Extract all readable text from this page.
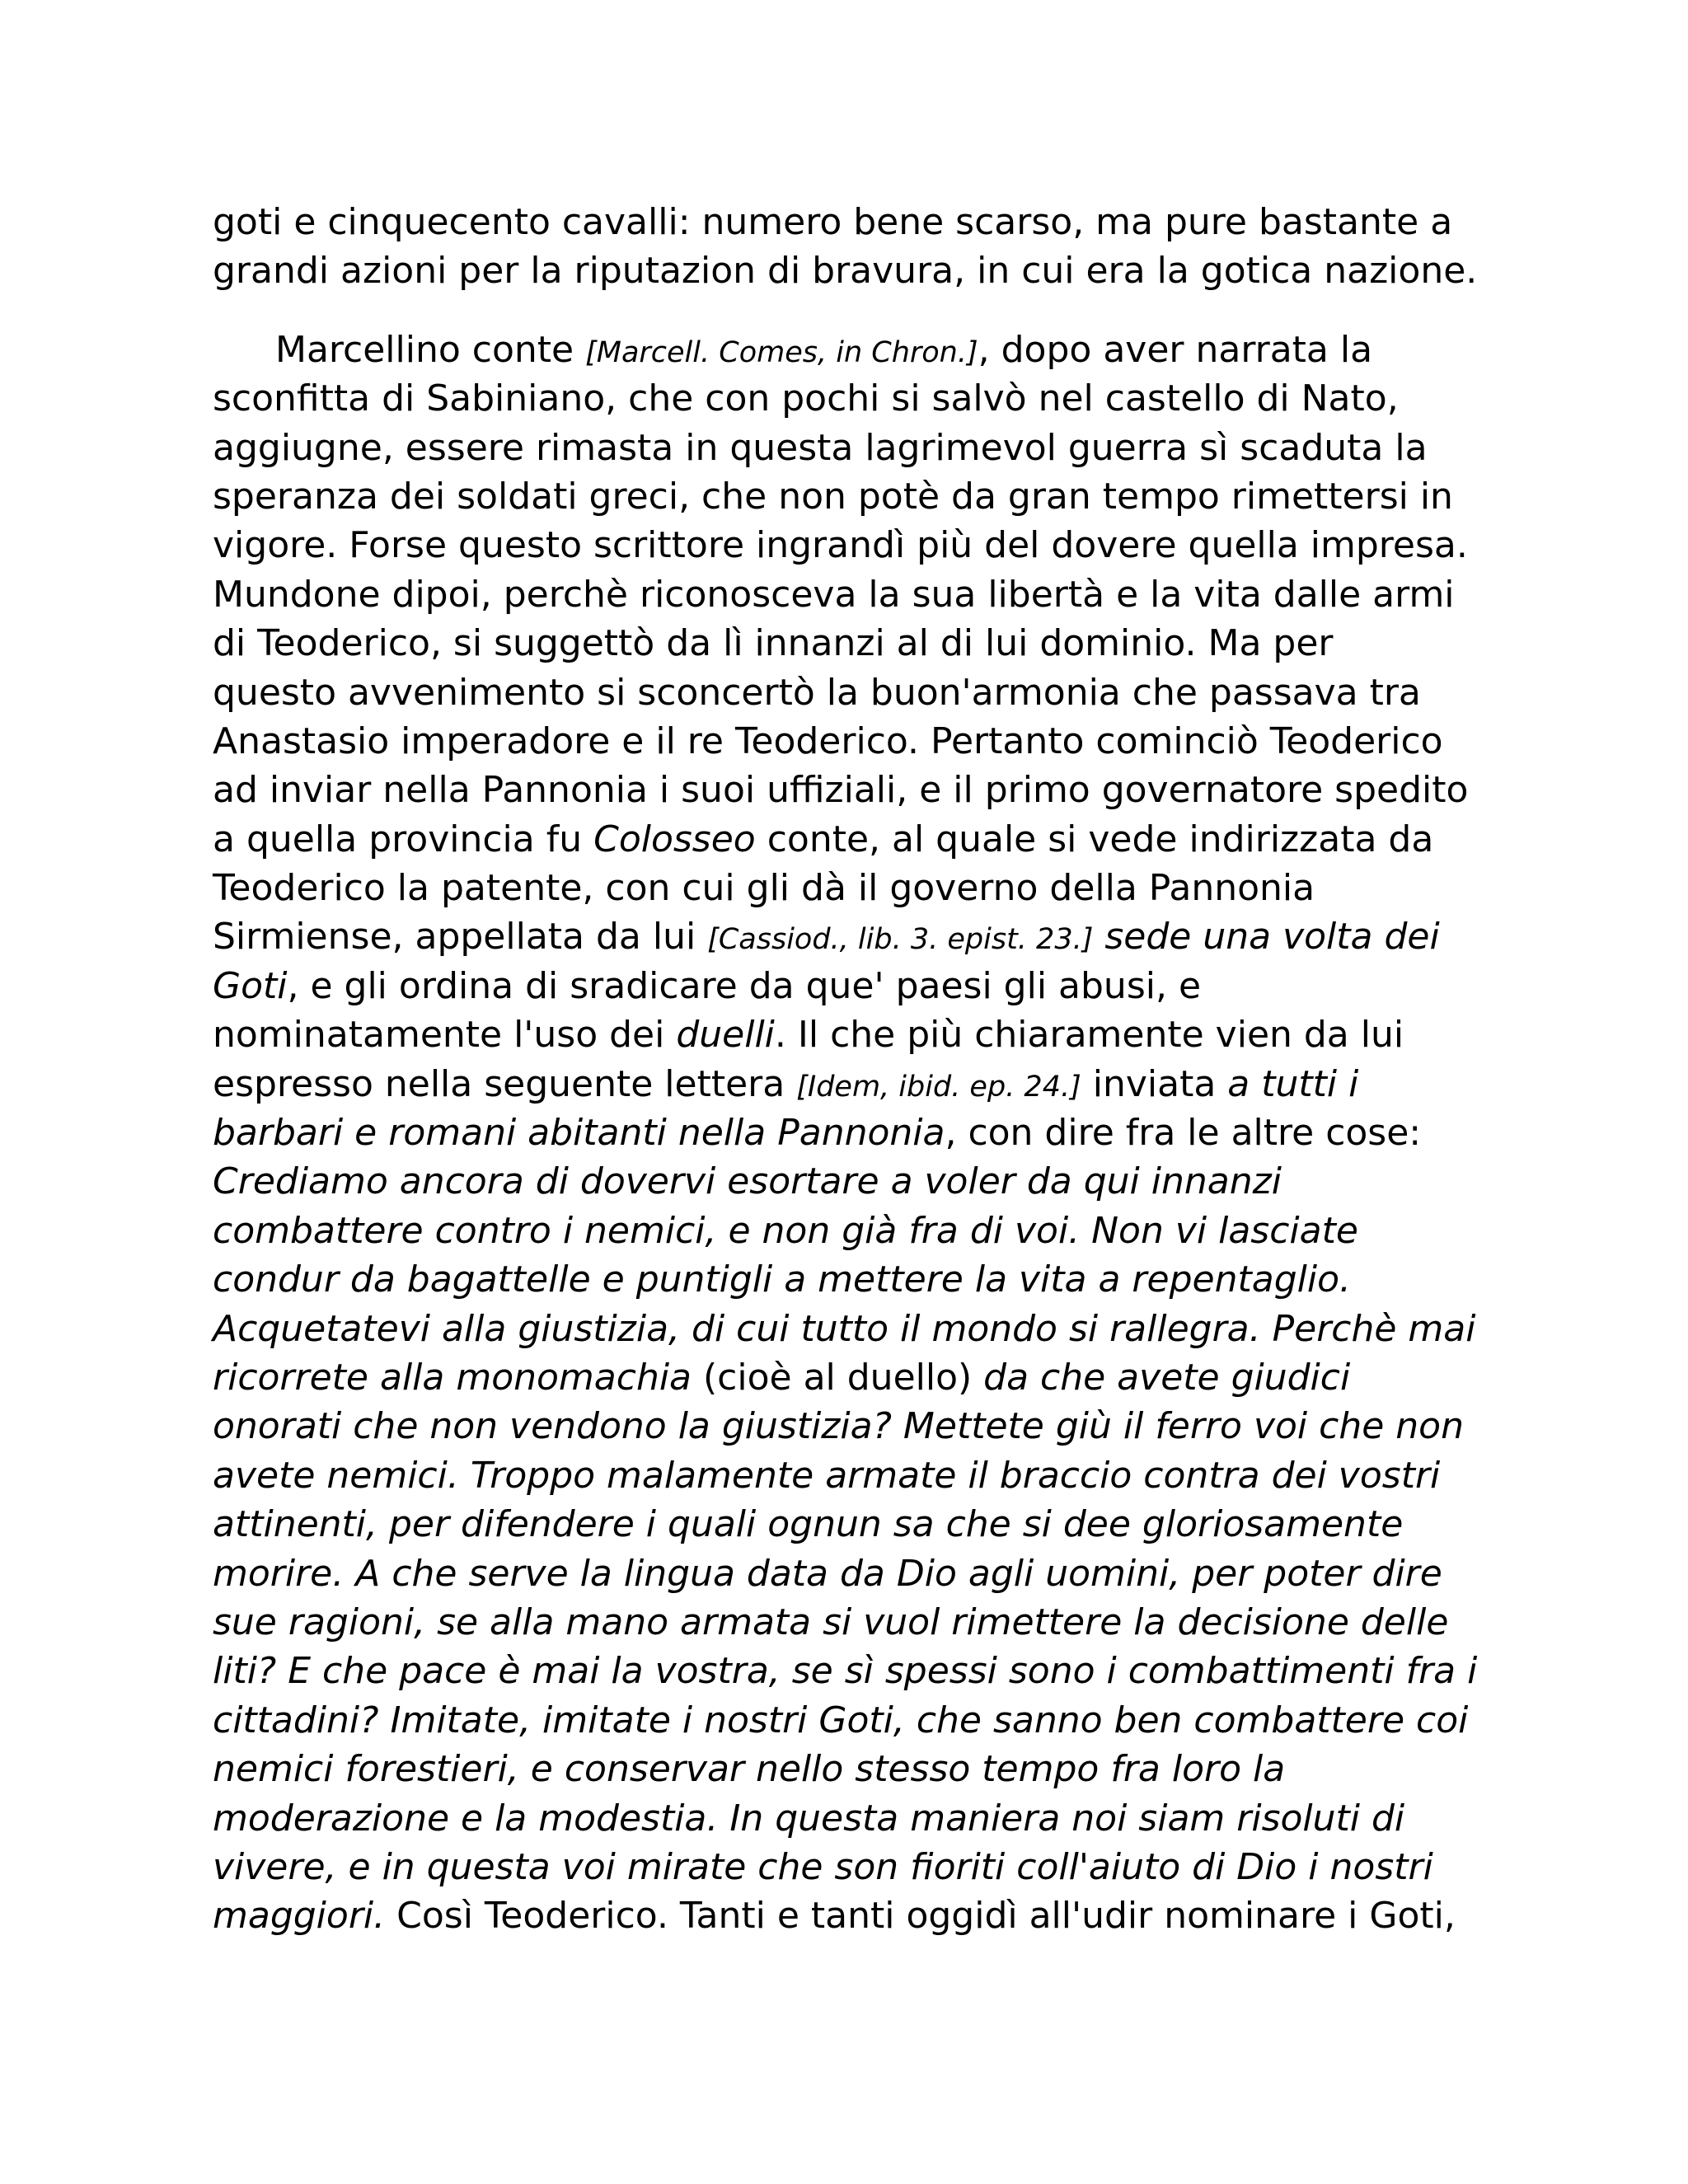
goti e cinquecento cavalli: numero bene scarso, ma pure bastante a
grandi azioni per la riputazion di bravura, in cui era la gotica nazione.

Marcellino conte [Marcell. Comes, in Chron.], dopo aver narrata la
sconfitta di Sabiniano, che con pochi si salvò nel castello di Nato,
aggiugne, essere rimasta in questa lagrimevol guerra sì scaduta la
speranza dei soldati greci, che non potè da gran tempo rimettersi in
vigore. Forse questo scrittore ingrandì più del dovere quella impresa.
Mundone dipoi, perchè riconosceva la sua libertà e la vita dalle armi
di Teoderico, si suggettò da lì innanzi al di lui dominio. Ma per
questo avvenimento si sconcertò la buon'armonia che passava tra
Anastasio imperadore e il re Teoderico. Pertanto cominciò Teoderico
ad inviar nella Pannonia i suoi uffiziali, e il primo governatore spedito
a quella provincia fu Colosseo conte, al quale si vede indirizzata da
Teoderico la patente, con cui gli dà il governo della Pannonia
Sirmiense, appellata da lui [Cassiod., lib. 3. epist. 23.] sede una volta dei
Goti, e gli ordina di sradicare da que' paesi gli abusi, e
nominatamente l'uso dei duelli. Il che più chiaramente vien da lui
espresso nella seguente lettera [Idem, ibid. ep. 24.] inviata a tutti i
barbari e romani abitanti nella Pannonia, con dire fra le altre cose:
Crediamo ancora di dovervi esortare a voler da qui innanzi
combattere contro i nemici, e non già fra di voi. Non vi lasciate
condur da bagattelle e puntigli a mettere la vita a repentaglio.
Acquetatevi alla giustizia, di cui tutto il mondo si rallegra. Perchè mai
ricorrete alla monomachia (cioè al duello) da che avete giudici
onorati che non vendono la giustizia? Mettete giù il ferro voi che non
avete nemici. Troppo malamente armate il braccio contra dei vostri
attinenti, per difendere i quali ognun sa che si dee gloriosamente
morire. A che serve la lingua data da Dio agli uomini, per poter dire
sue ragioni, se alla mano armata si vuol rimettere la decisione delle
liti? E che pace è mai la vostra, se sì spessi sono i combattimenti fra i
cittadini? Imitate, imitate i nostri Goti, che sanno ben combattere coi
nemici forestieri, e conservar nello stesso tempo fra loro la
moderazione e la modestia. In questa maniera noi siam risoluti di
vivere, e in questa voi mirate che son fioriti coll'aiuto di Dio i nostri
maggiori. Così Teoderico. Tanti e tanti oggidì all'udir nominare i Goti,
